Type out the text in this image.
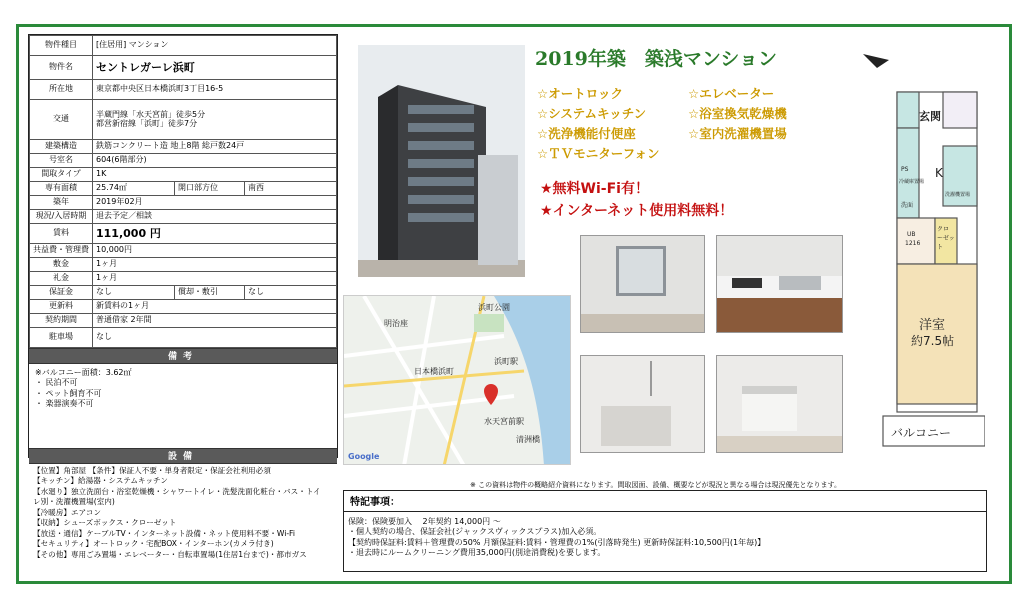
物件種目	[住居用] マンション		
物件名	セントレガーレ浜町		
所在地	東京都中央区日本橋浜町3丁目16-5		
交通	半蔵門線「水天宮前」徒歩5分
都営新宿線「浜町」徒歩7分		

建築構造	鉄筋コンクリート造 地上8階 総戸数24戸		
号室名	604(6階部分)		
間取タイプ	1K		
専有面積	25.74㎡	開口部方位	南西
築年	2019年02月		
現況/入居時期	退去予定／相談		
賃料	111,000 円		
共益費・管理費	10,000円		
敷金	1ヶ月		
礼金	1ヶ月		
保証金	なし	償却・敷引	なし
更新料	新賃料の1ヶ月		
契約期間	普通借家 2年間		
駐車場	なし		
備考
※バルコニー面積：3.62㎡
・ 民泊不可
・ ペット飼育不可
・ 楽器演奏不可
設備
【位置】角部屋 【条件】保証人不要・単身者限定・保証会社利用必須
【キッチン】給湯器・システムキッチン
【水廻り】独立洗面台・浴室乾燥機・シャワートイレ・洗髪洗面化粧台・バス・トイ
レ別・洗濯機置場(室内)
【冷暖房】エアコン
【収納】シューズボックス・クローゼット
【放送・通信】ケーブルTV・インターネット設備・ネット使用料不要・Wi-Fi
【セキュリティ】オートロック・宅配BOX・インターホン(カメラ付き)
【その他】専用ごみ置場・エレベーター・自転車置場(1住居1台まで)・都市ガス
2019年築　築浅マンション
☆オートロック	☆エレベーター
☆システムキッチン	☆浴室換気乾燥機
☆洗浄機能付便座	☆室内洗濯機置場
☆ＴＶモニターフォン
★無料Wi-Fi有！
★インターネット使用料無料！
浜町公園
明治座
水天宮前駅
日本橋浜町
Google
浜町駅
清洲橋
玄関
K
PS
洗面
冷蔵庫置場
洗濯機置場
UB
1216
クローゼット
洋室
約7.5帖
バルコニー
※ この資料は物件の概略紹介資料になります。間取図面、設備、概要などが現況と異なる場合は現況優先となります。
特記事項：
保険：保険要加入　 2年契約 14,000円 ～
・個人契約の場合、保証会社(ジャックスヴィックスプラス)加入必須。
【契約時保証料:賃料＋管理費の50% 月額保証料:賃料・管理費の1%(引落時発生) 更新時保証料:10,500円(1年毎)】
・退去時にルームクリーニング費用35,000円(別途消費税)を要します。
